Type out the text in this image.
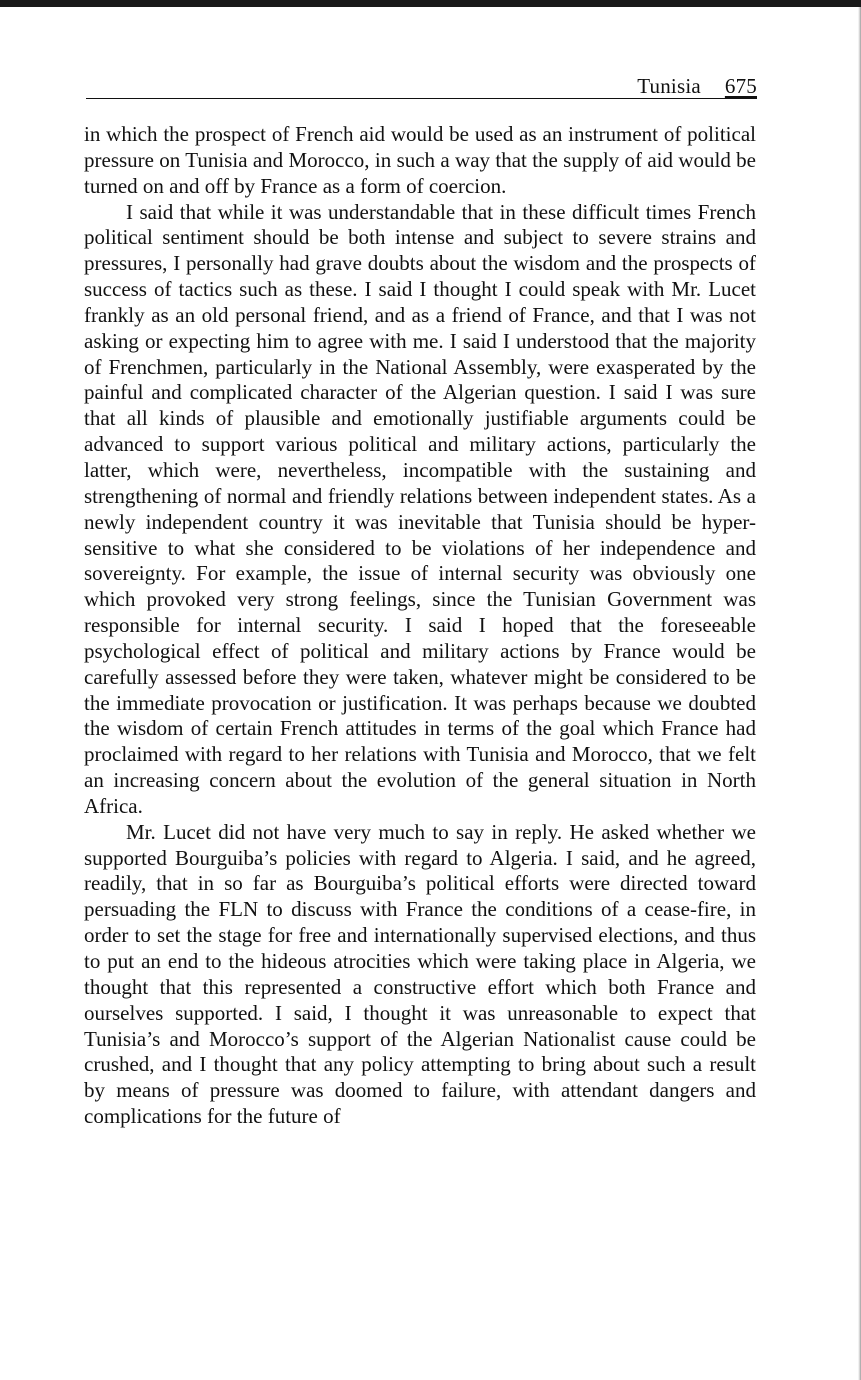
Tunisia 675

in which the prospect of French aid would be used as an instrument of political pressure on Tunisia and Morocco, in such a way that the supply of aid would be turned on and off by France as a form of coercion.

I said that while it was understandable that in these difficult times French political sentiment should be both intense and subject to severe strains and pressures, I personally had grave doubts about the wisdom and the prospects of success of tactics such as these. I said I thought I could speak with Mr. Lucet frankly as an old personal friend, and as a friend of France, and that I was not asking or expecting him to agree with me. I said I understood that the majority of Frenchmen, particularly in the National Assembly, were exasperated by the painful and complicated character of the Algerian question. I said I was sure that all kinds of plausible and emotionally justifiable arguments could be advanced to support various political and military actions, particularly the latter, which were, nevertheless, incompatible with the sustaining and strengthening of normal and friendly relations between independent states. As a newly independent country it was inevitable that Tunisia should be hyper-sensitive to what she considered to be violations of her independence and sovereignty. For example, the issue of internal security was obviously one which provoked very strong feelings, since the Tunisian Government was responsible for internal security. I said I hoped that the foreseeable psychological effect of political and military actions by France would be carefully assessed before they were taken, whatever might be considered to be the immediate provocation or justification. It was perhaps because we doubted the wisdom of certain French attitudes in terms of the goal which France had proclaimed with regard to her relations with Tunisia and Morocco, that we felt an increasing concern about the evolution of the general situation in North Africa.

Mr. Lucet did not have very much to say in reply. He asked whether we supported Bourguiba’s policies with regard to Algeria. I said, and he agreed, readily, that in so far as Bourguiba’s political efforts were directed toward persuading the FLN to discuss with France the conditions of a cease-fire, in order to set the stage for free and internationally supervised elections, and thus to put an end to the hideous atrocities which were taking place in Algeria, we thought that this represented a constructive effort which both France and ourselves supported. I said, I thought it was unreasonable to expect that Tunisia’s and Morocco’s support of the Algerian Nationalist cause could be crushed, and I thought that any policy attempting to bring about such a result by means of pressure was doomed to failure, with attendant dangers and complications for the future of
